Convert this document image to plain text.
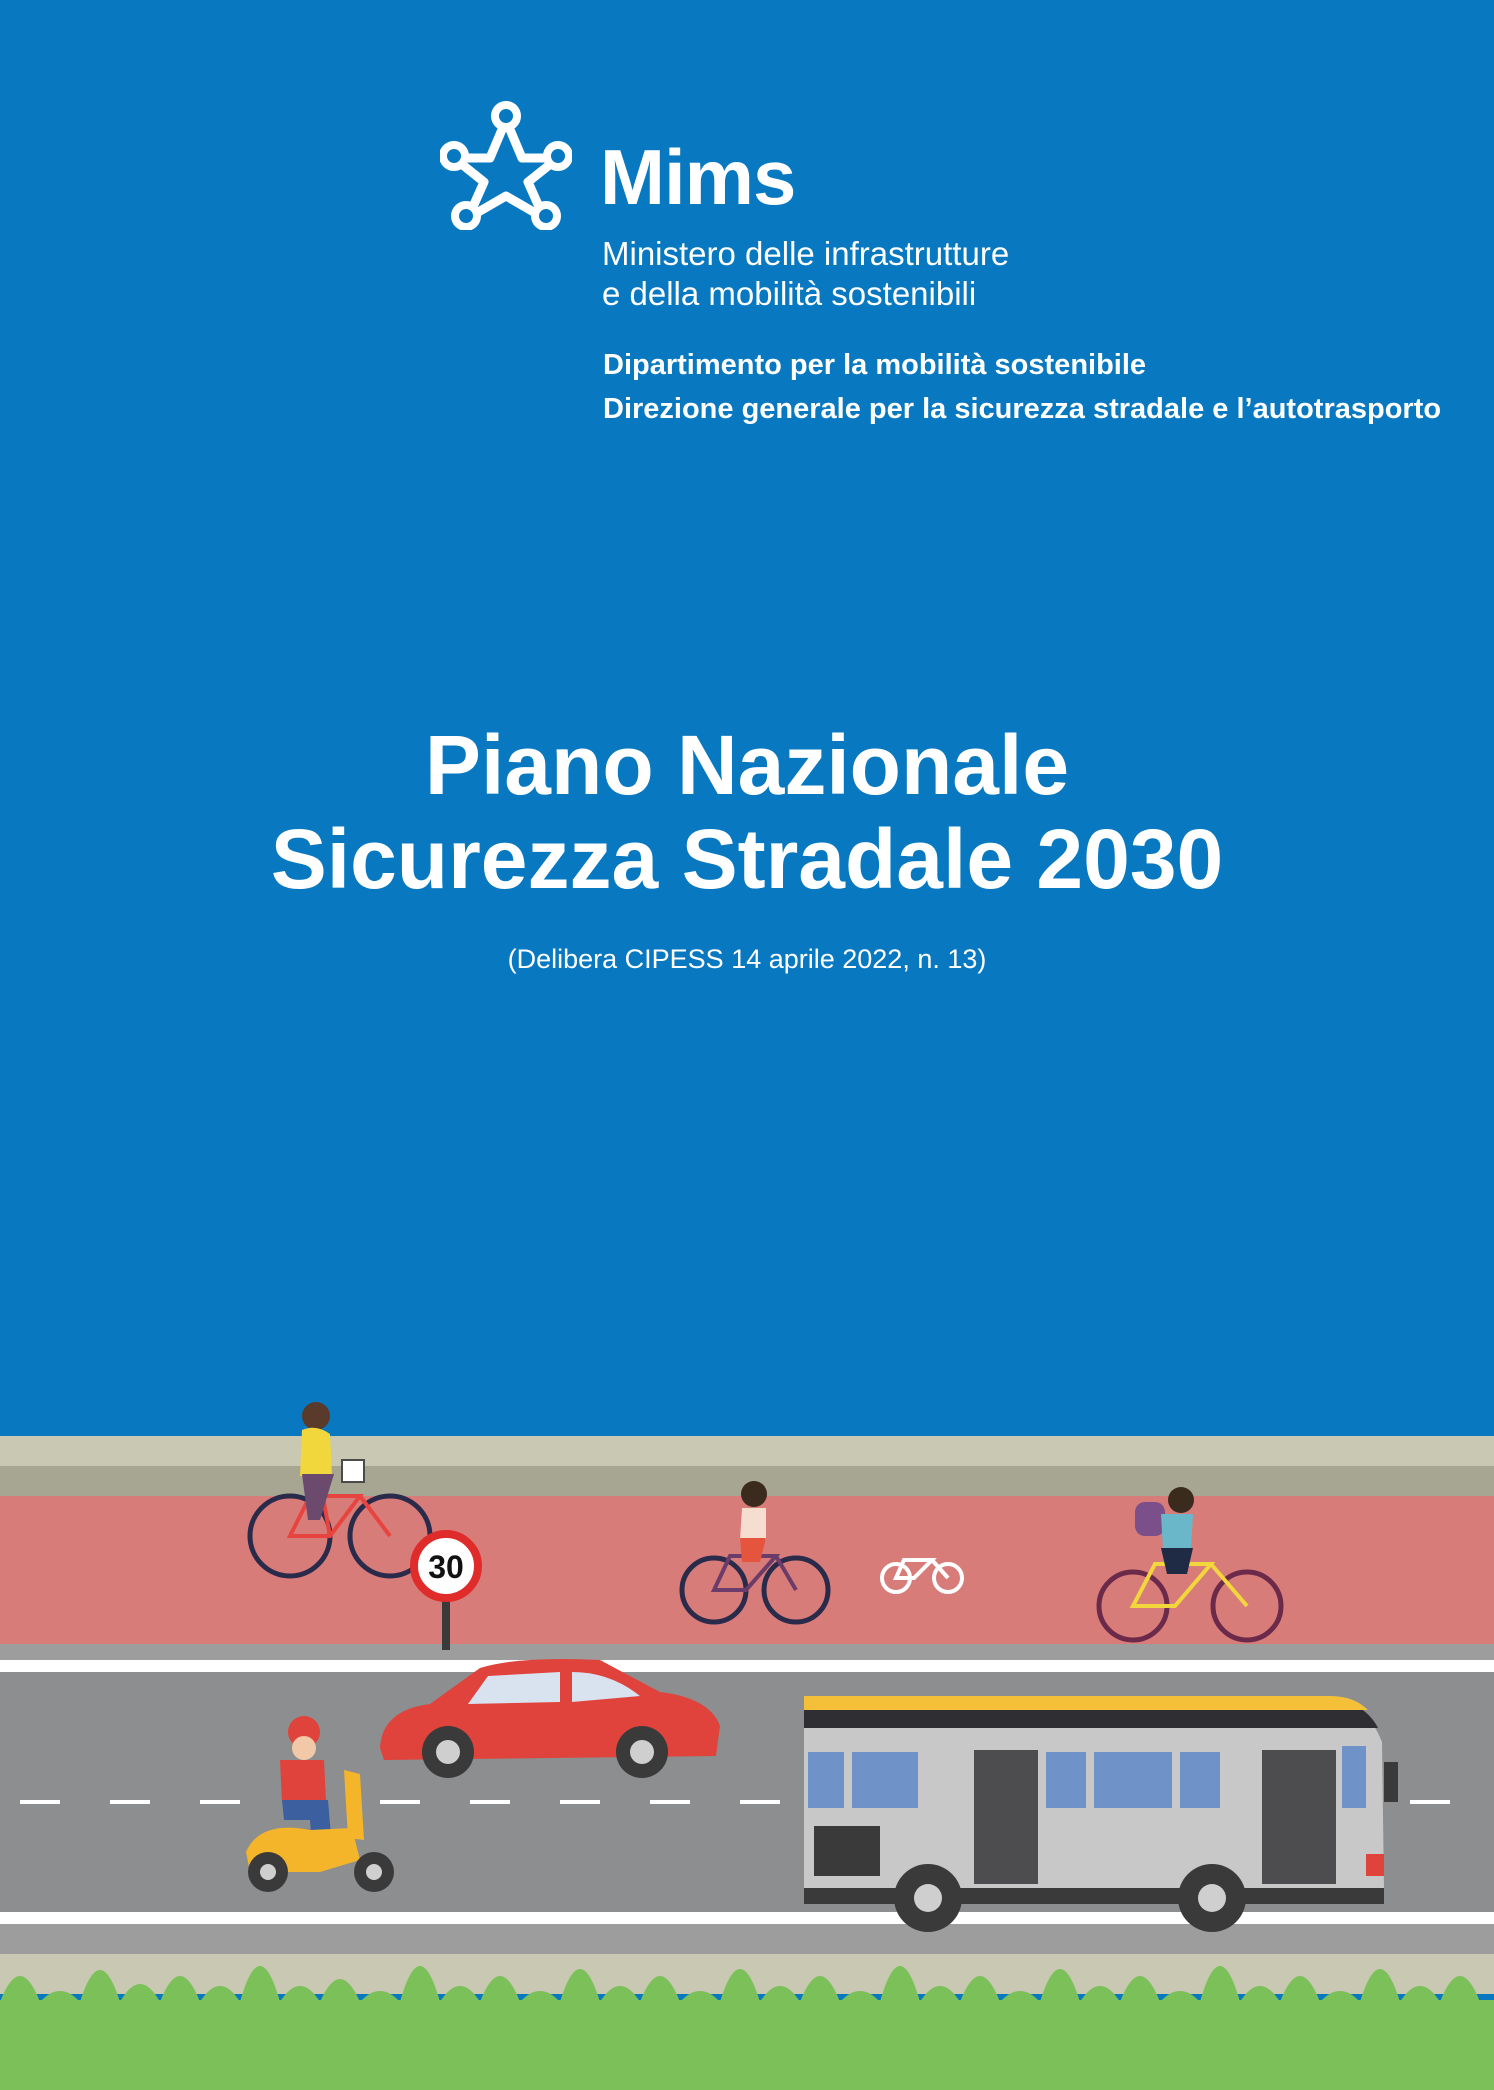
Mims
Ministero delle infrastrutture
e della mobilità sostenibili
Dipartimento per la mobilità sostenibile
Direzione generale per la sicurezza stradale e l’autotrasporto
Piano Nazionale
Sicurezza Stradale 2030
(Delibera CIPESS 14 aprile 2022, n. 13)
30
